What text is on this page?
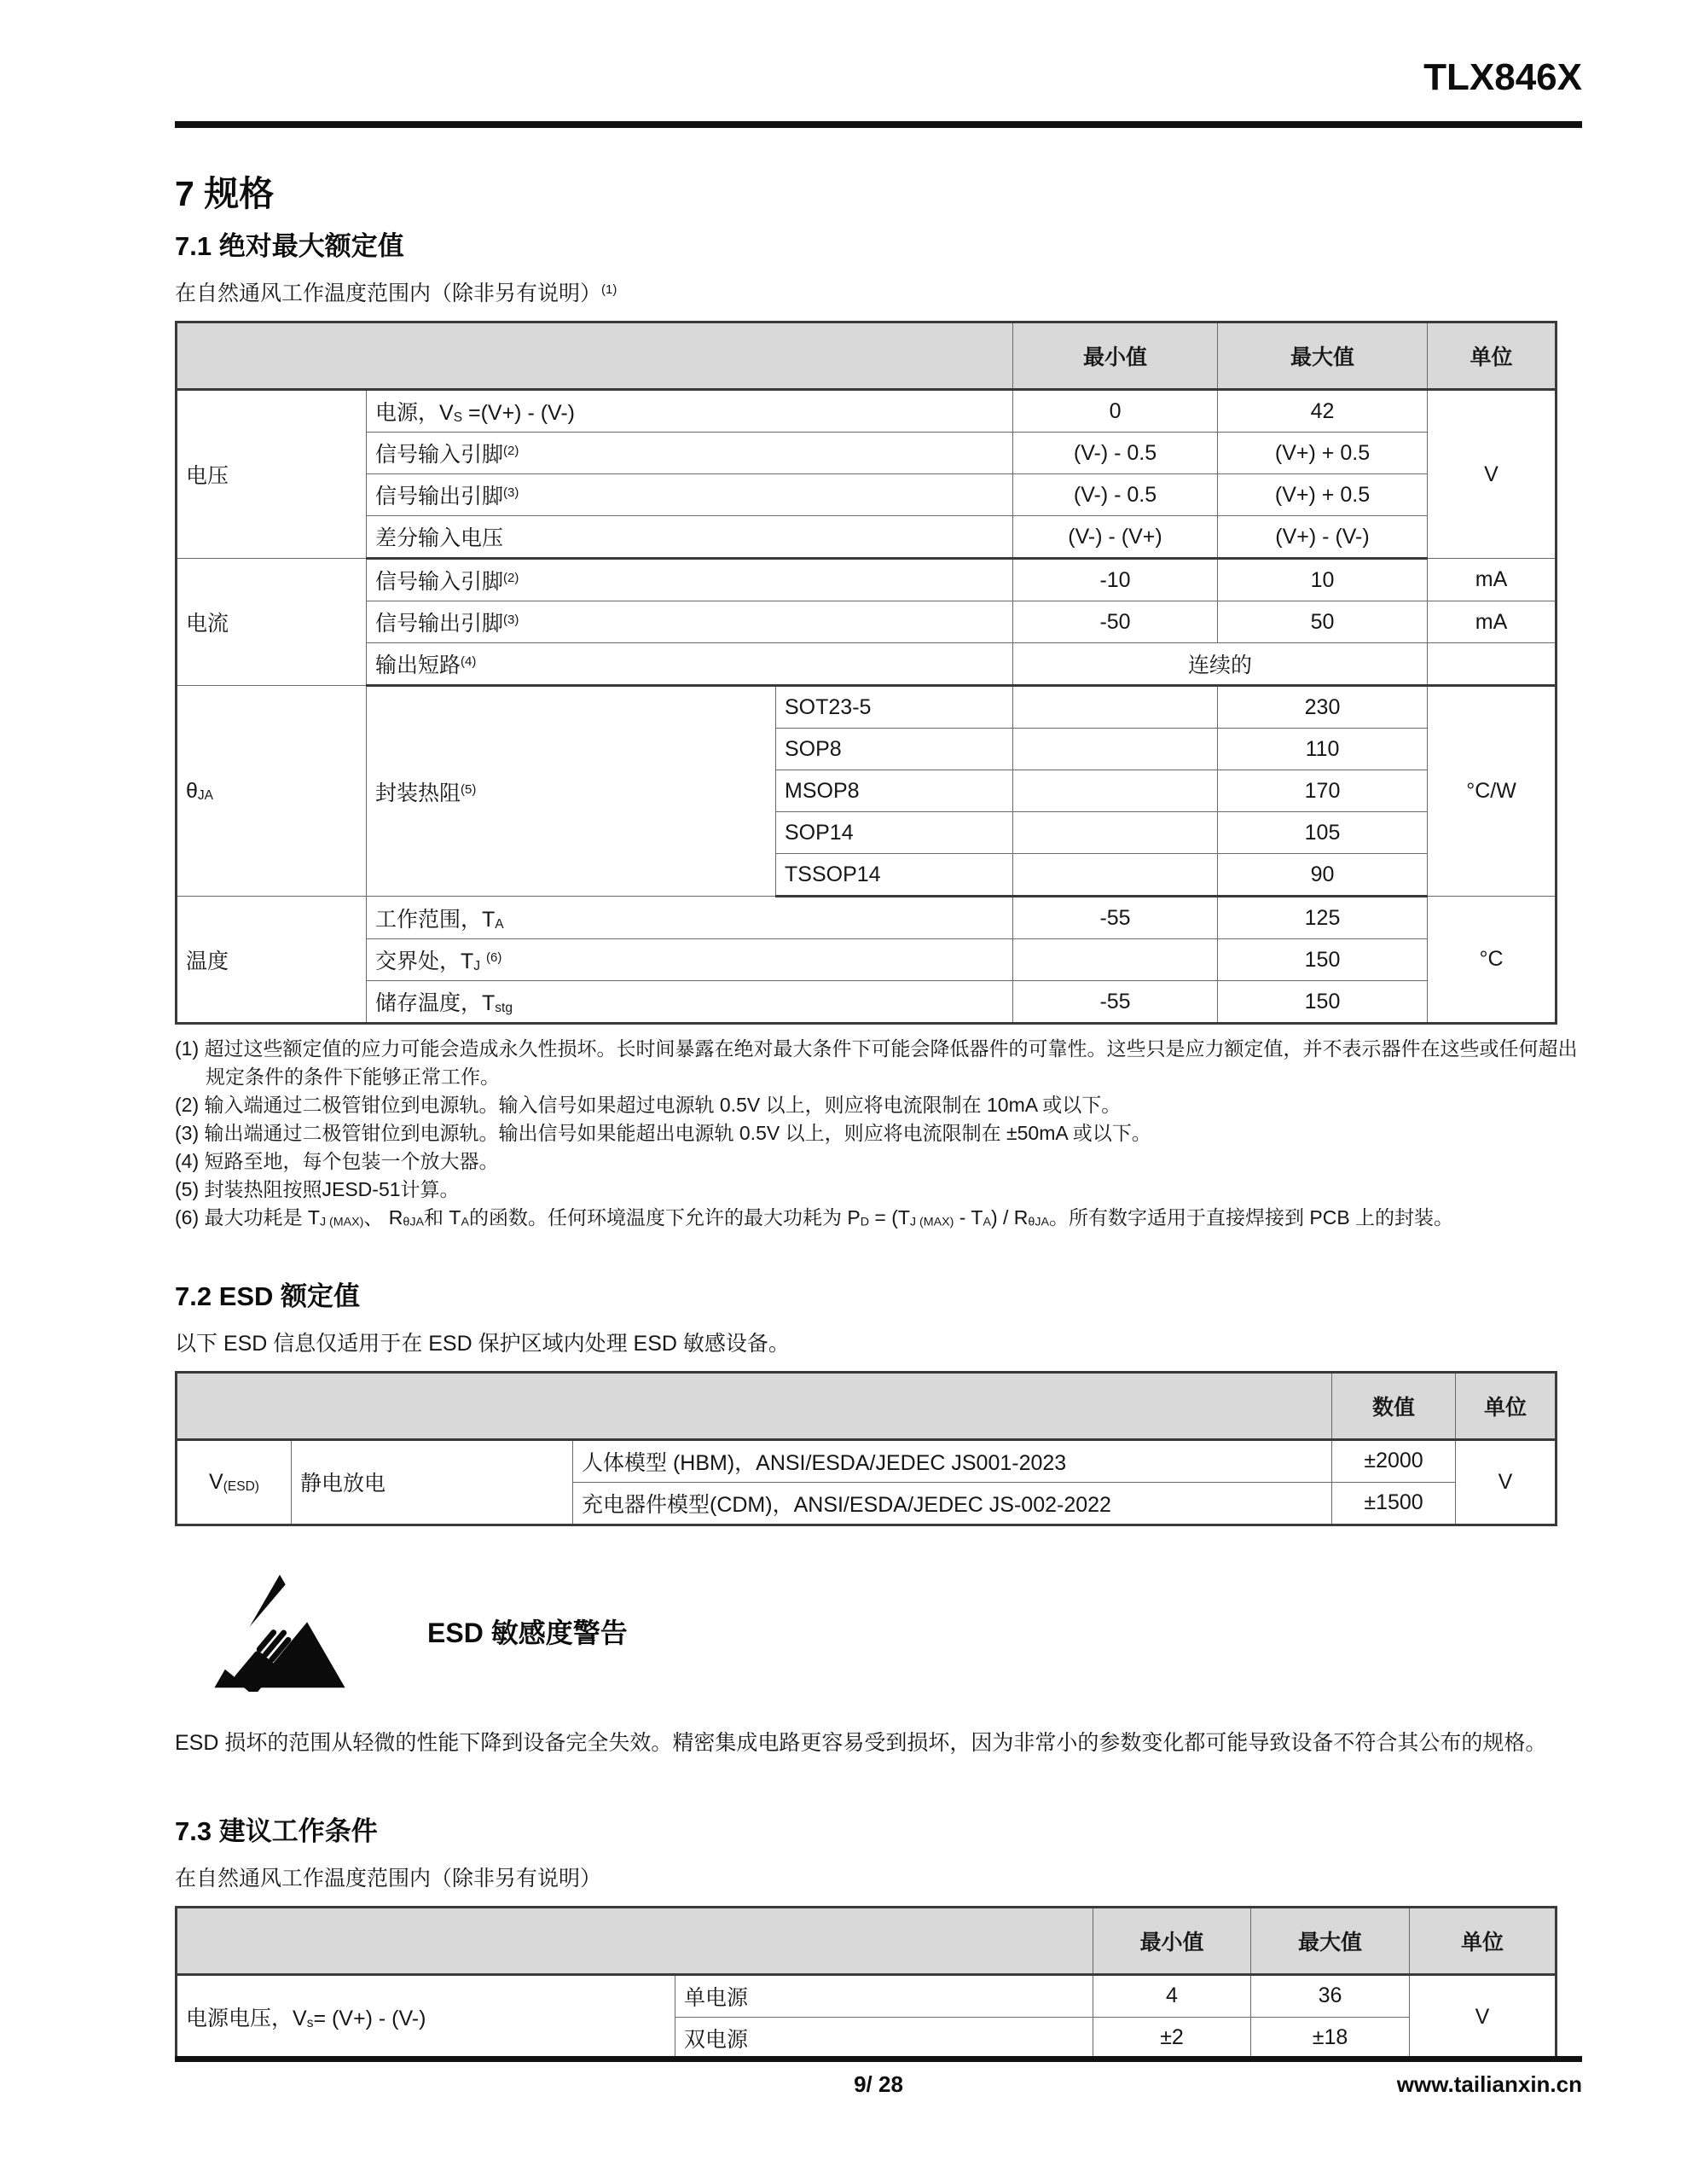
TLX846X
7 规格
7.1 绝对最大额定值

在自然通风工作温度范围内（除非另有说明）$^{(1)}$

			最小值	最大值	单位
电压	电源，$V_S =(V+) - (V-)$		0	42	V
	信号输入引脚$^{(2)}$		(V-) - 0.5	(V+) + 0.5	
	信号输出引脚$^{(3)}$		(V-) - 0.5	(V+) + 0.5	
	差分输入电压		(V-) - (V+)	(V+) - (V-)	
电流	信号输入引脚$^{(2)}$		-10	10	mA
	信号输出引脚$^{(3)}$		-50	50	mA
	输出短路$^{(4)}$		连续的		
$\theta_{JA}$	封装热阻$^{(5)}$	SOT23-5		230	°C/W
		SOP8		110	
		MSOP8		170	
		SOP14		105	
		TSSOP14		90	
温度	工作范围，$T_A$		-55	125	°C
	交界处，$T_J$ $^{(6)}$			150	
	储存温度，$T_{stg}$		-55	150	

(1) 超过这些额定值的应力可能会造成永久性损坏。长时间暴露在绝对最大条件下可能会降低器件的可靠性。这些只是应力额定值，并不表示器件在这些或任何超出规定条件的条件下能够正常工作。

(2) 输入端通过二极管钳位到电源轨。输入信号如果超过电源轨 0.5V 以上，则应将电流限制在 10mA 或以下。

(3) 输出端通过二极管钳位到电源轨。输出信号如果能超出电源轨 0.5V 以上，则应将电流限制在 ±50mA 或以下。

(4) 短路至地，每个包装一个放大器。

(5) 封装热阻按照JESD-51计算。

(6) 最大功耗是 $T_{J (MAX)}$、 $R_{\theta JA}$和 $T_A$的函数。任何环境温度下允许的最大功耗为 $P_D = (T_{J (MAX)} - T_A) / R_{\theta JA}$。所有数字适用于直接焊接到 PCB 上的封装。

7.2 ESD 额定值

以下 ESD 信息仅适用于在 ESD 保护区域内处理 ESD 敏感设备。

			数值	单位
$V_{(ESD)}$	静电放电	人体模型 (HBM)，ANSI/ESDA/JEDEC JS001-2023	±2000	V
		充电器件模型(CDM)，ANSI/ESDA/JEDEC JS-002-2022	±1500	
ESD 敏感度警告

ESD 损坏的范围从轻微的性能下降到设备完全失效。精密集成电路更容易受到损坏，因为非常小的参数变化都可能导致设备不符合其公布的规格。

7.3 建议工作条件

在自然通风工作温度范围内（除非另有说明）

		最小值	最大值	单位
电源电压，$V_s= (V+) - (V-)$	单电源	4	36	V
	双电源	±2	±18	
9/ 28	www.tailianxin.cn
